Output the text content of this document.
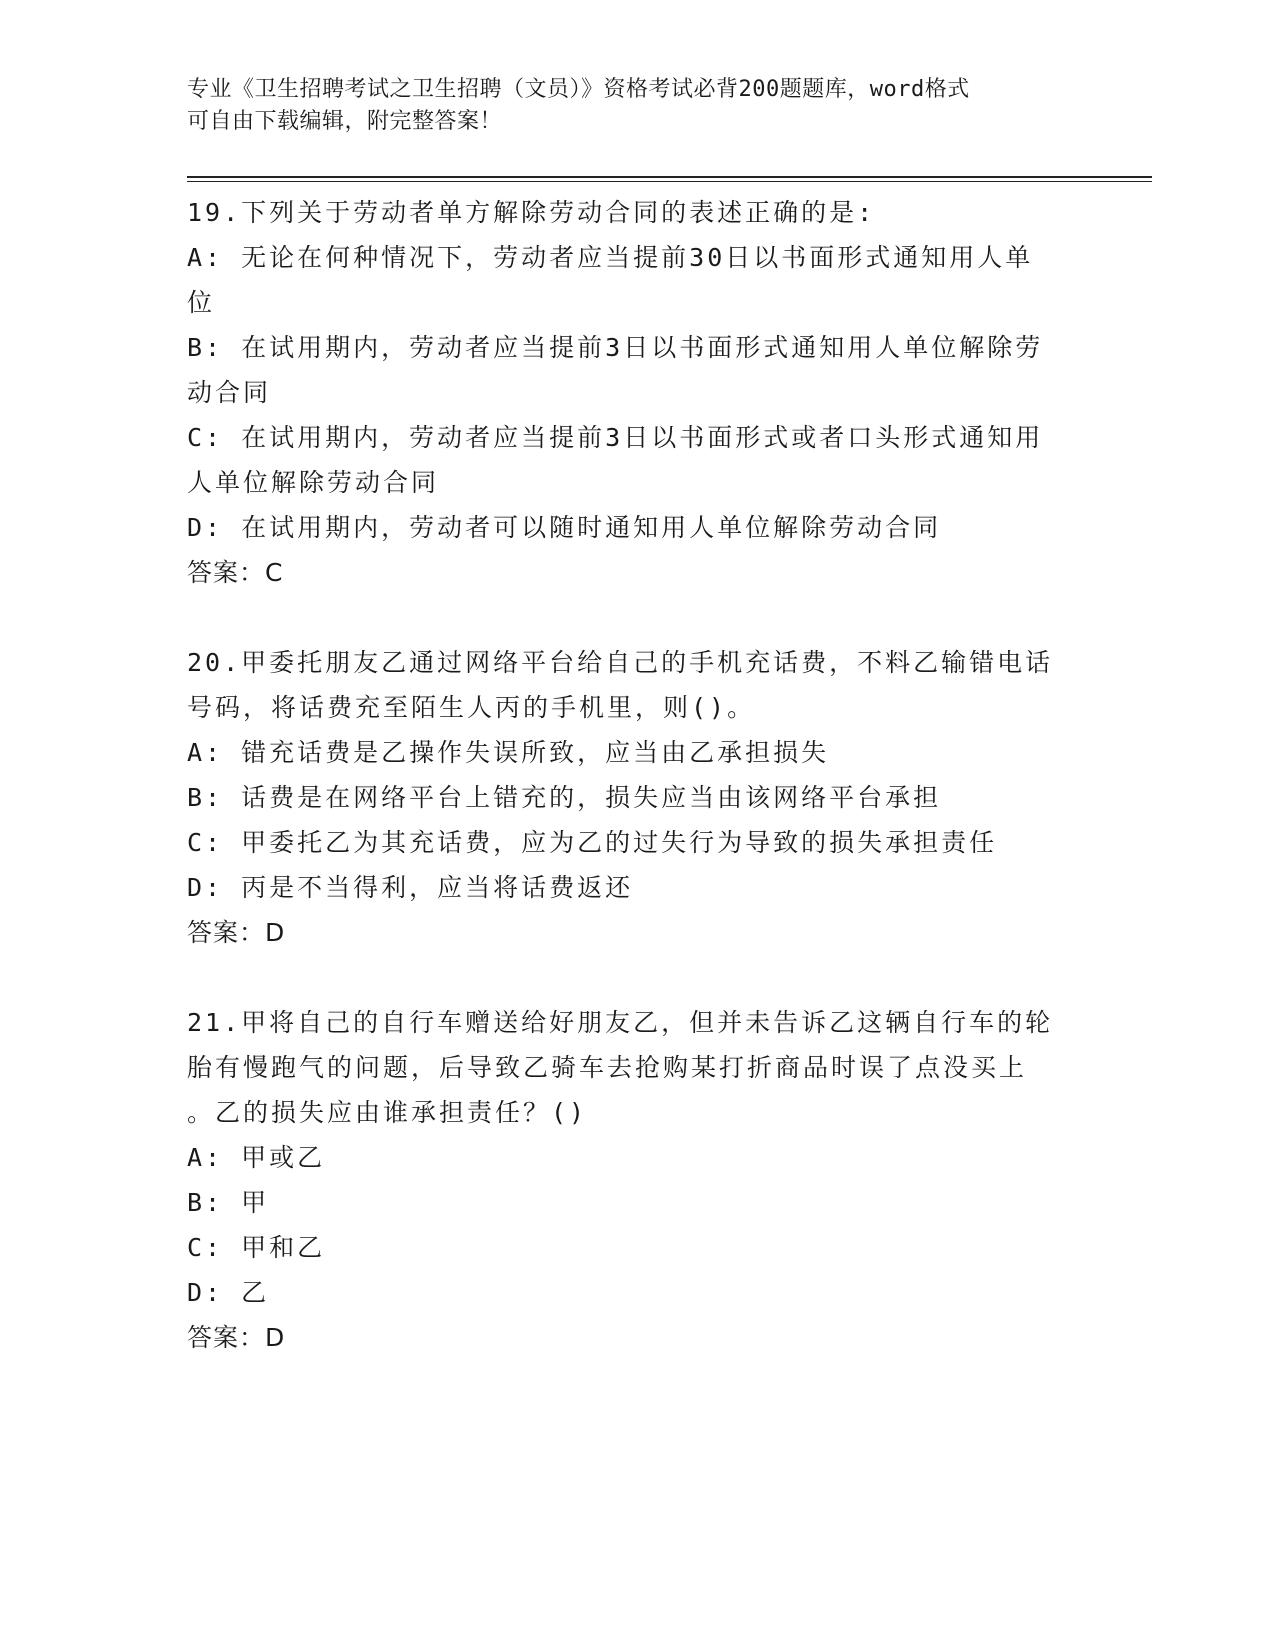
专业《卫生招聘考试之卫生招聘（文员）》资格考试必背200题题库，word格式
可自由下载编辑，附完整答案！
19.下列关于劳动者单方解除劳动合同的表述正确的是:
A: 无论在何种情况下，劳动者应当提前30日以书面形式通知用人单
位
B: 在试用期内，劳动者应当提前3日以书面形式通知用人单位解除劳
动合同
C: 在试用期内，劳动者应当提前3日以书面形式或者口头形式通知用
人单位解除劳动合同
D: 在试用期内，劳动者可以随时通知用人单位解除劳动合同
答案：C
20.甲委托朋友乙通过网络平台给自己的手机充话费，不料乙输错电话
号码，将话费充至陌生人丙的手机里，则()。
A: 错充话费是乙操作失误所致，应当由乙承担损失
B: 话费是在网络平台上错充的，损失应当由该网络平台承担
C: 甲委托乙为其充话费，应为乙的过失行为导致的损失承担责任
D: 丙是不当得利，应当将话费返还
答案：D
21.甲将自己的自行车赠送给好朋友乙，但并未告诉乙这辆自行车的轮
胎有慢跑气的问题，后导致乙骑车去抢购某打折商品时误了点没买上
。乙的损失应由谁承担责任？()
A: 甲或乙
B: 甲
C: 甲和乙
D: 乙
答案：D
